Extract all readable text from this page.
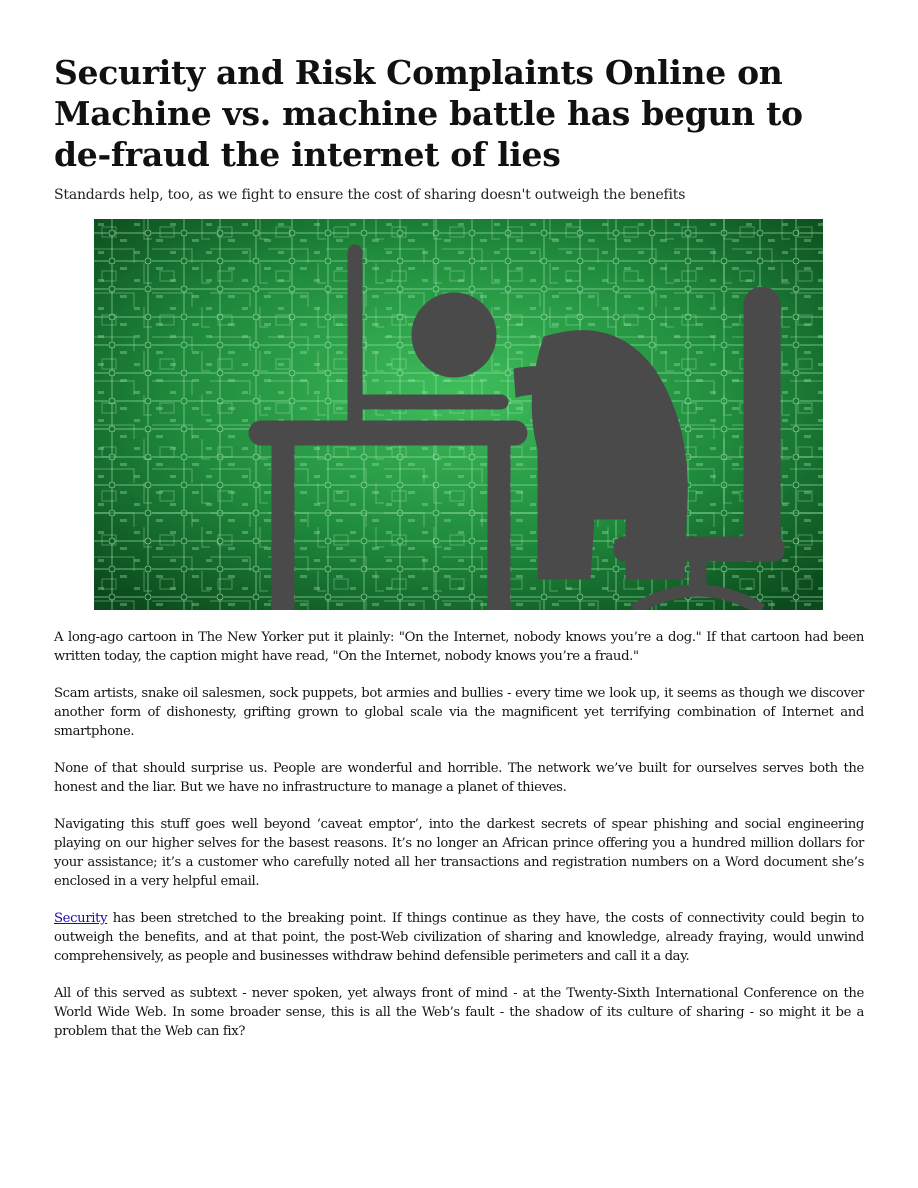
Security and Risk Complaints Online on Machine vs. machine battle has begun to de-fraud the internet of lies

Standards help, too, as we fight to ensure the cost of sharing doesn't outweigh the benefits

A long-ago cartoon in The New Yorker put it plainly: "On the Internet, nobody knows you’re a dog." If that cartoon had been written today, the caption might have read, "On the Internet, nobody knows you’re a fraud."

Scam artists, snake oil salesmen, sock puppets, bot armies and bullies - every time we look up, it seems as though we discover another form of dishonesty, grifting grown to global scale via the magnificent yet terrifying combination of Internet and smartphone.

None of that should surprise us. People are wonderful and horrible. The network we’ve built for ourselves serves both the honest and the liar. But we have no infrastructure to manage a planet of thieves.

Navigating this stuff goes well beyond ‘caveat emptor’, into the darkest secrets of spear phishing and social engineering playing on our higher selves for the basest reasons. It’s no longer an African prince offering you a hundred million dollars for your assistance; it’s a customer who carefully noted all her transactions and registration numbers on a Word document she’s enclosed in a very helpful email.

Security has been stretched to the breaking point. If things continue as they have, the costs of connectivity could begin to outweigh the benefits, and at that point, the post-Web civilization of sharing and knowledge, already fraying, would unwind comprehensively, as people and businesses withdraw behind defensible perimeters and call it a day.

All of this served as subtext - never spoken, yet always front of mind - at the Twenty-Sixth International Conference on the World Wide Web. In some broader sense, this is all the Web’s fault - the shadow of its culture of sharing - so might it be a problem that the Web can fix?
